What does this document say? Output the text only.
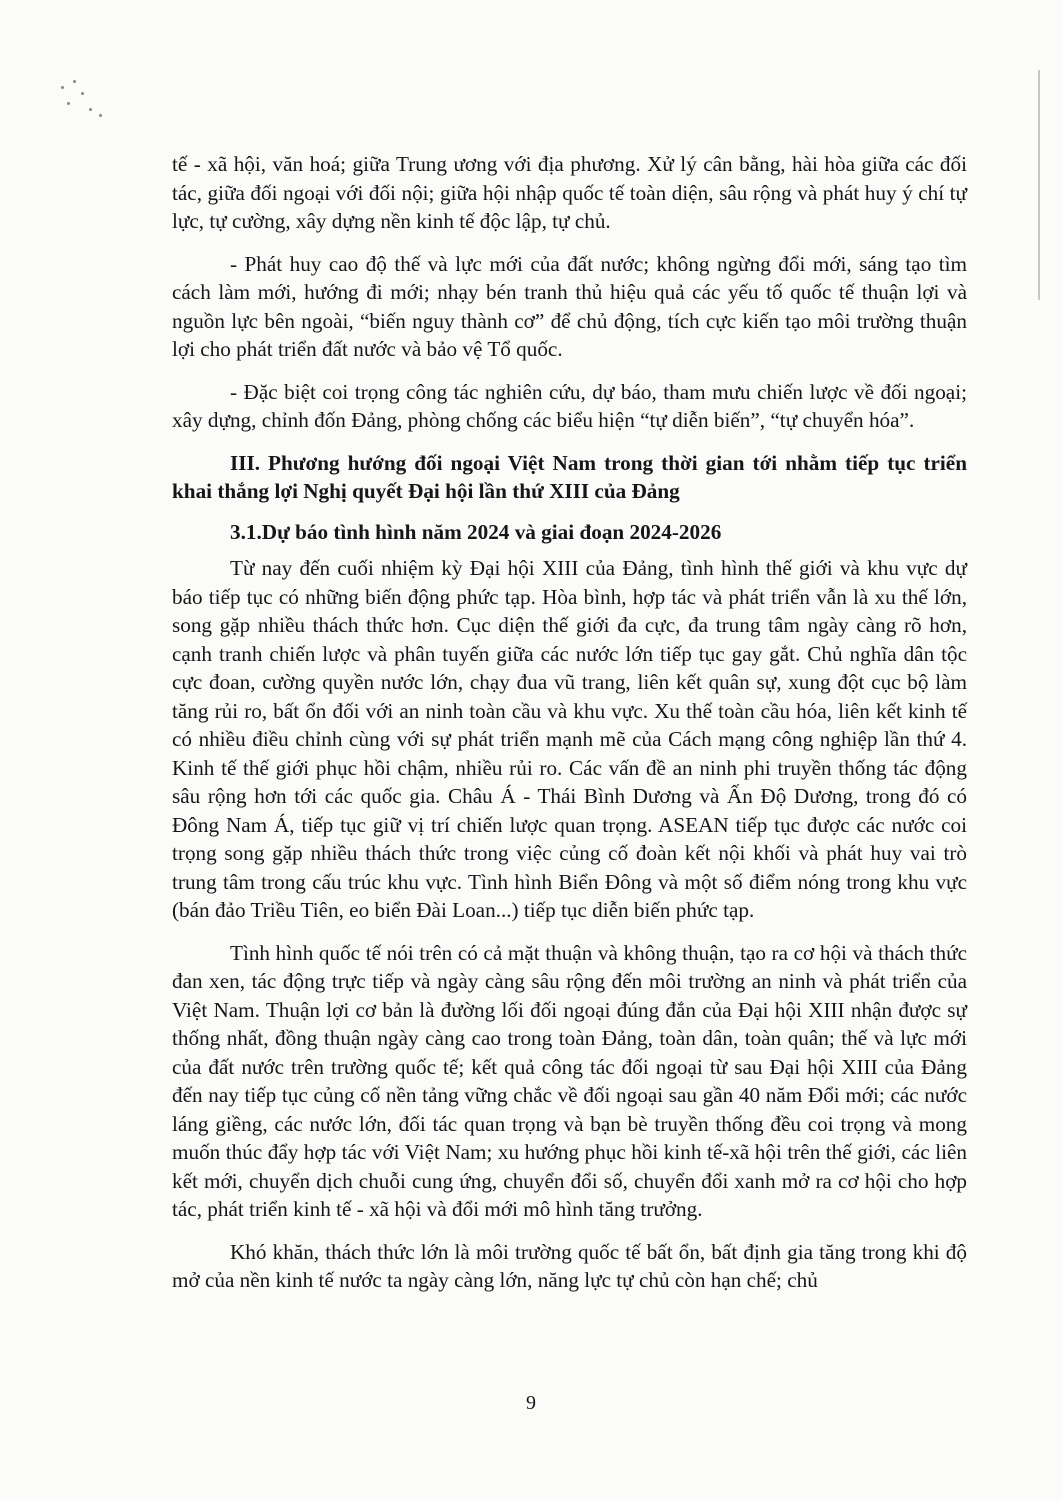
tế - xã hội, văn hoá; giữa Trung ương với địa phương. Xử lý cân bằng, hài hòa giữa các đối tác, giữa đối ngoại với đối nội; giữa hội nhập quốc tế toàn diện, sâu rộng và phát huy ý chí tự lực, tự cường, xây dựng nền kinh tế độc lập, tự chủ.

- Phát huy cao độ thế và lực mới của đất nước; không ngừng đổi mới, sáng tạo tìm cách làm mới, hướng đi mới; nhạy bén tranh thủ hiệu quả các yếu tố quốc tế thuận lợi và nguồn lực bên ngoài, “biến nguy thành cơ” để chủ động, tích cực kiến tạo môi trường thuận lợi cho phát triển đất nước và bảo vệ Tổ quốc.

- Đặc biệt coi trọng công tác nghiên cứu, dự báo, tham mưu chiến lược về đối ngoại; xây dựng, chỉnh đốn Đảng, phòng chống các biểu hiện “tự diễn biến”, “tự chuyển hóa”.

III. Phương hướng đối ngoại Việt Nam trong thời gian tới nhằm tiếp tục triển khai thắng lợi Nghị quyết Đại hội lần thứ XIII của Đảng
3.1.Dự báo tình hình năm 2024 và giai đoạn 2024-2026

Từ nay đến cuối nhiệm kỳ Đại hội XIII của Đảng, tình hình thế giới và khu vực dự báo tiếp tục có những biến động phức tạp. Hòa bình, hợp tác và phát triển vẫn là xu thế lớn, song gặp nhiều thách thức hơn. Cục diện thế giới đa cực, đa trung tâm ngày càng rõ hơn, cạnh tranh chiến lược và phân tuyến giữa các nước lớn tiếp tục gay gắt. Chủ nghĩa dân tộc cực đoan, cường quyền nước lớn, chạy đua vũ trang, liên kết quân sự, xung đột cục bộ làm tăng rủi ro, bất ổn đối với an ninh toàn cầu và khu vực. Xu thế toàn cầu hóa, liên kết kinh tế có nhiều điều chỉnh cùng với sự phát triển mạnh mẽ của Cách mạng công nghiệp lần thứ 4. Kinh tế thế giới phục hồi chậm, nhiều rủi ro. Các vấn đề an ninh phi truyền thống tác động sâu rộng hơn tới các quốc gia. Châu Á - Thái Bình Dương và Ấn Độ Dương, trong đó có Đông Nam Á, tiếp tục giữ vị trí chiến lược quan trọng. ASEAN tiếp tục được các nước coi trọng song gặp nhiều thách thức trong việc củng cố đoàn kết nội khối và phát huy vai trò trung tâm trong cấu trúc khu vực. Tình hình Biển Đông và một số điểm nóng trong khu vực (bán đảo Triều Tiên, eo biển Đài Loan...) tiếp tục diễn biến phức tạp.

Tình hình quốc tế nói trên có cả mặt thuận và không thuận, tạo ra cơ hội và thách thức đan xen, tác động trực tiếp và ngày càng sâu rộng đến môi trường an ninh và phát triển của Việt Nam. Thuận lợi cơ bản là đường lối đối ngoại đúng đắn của Đại hội XIII nhận được sự thống nhất, đồng thuận ngày càng cao trong toàn Đảng, toàn dân, toàn quân; thế và lực mới của đất nước trên trường quốc tế; kết quả công tác đối ngoại từ sau Đại hội XIII của Đảng đến nay tiếp tục củng cố nền tảng vững chắc về đối ngoại sau gần 40 năm Đổi mới; các nước láng giềng, các nước lớn, đối tác quan trọng và bạn bè truyền thống đều coi trọng và mong muốn thúc đẩy hợp tác với Việt Nam; xu hướng phục hồi kinh tế-xã hội trên thế giới, các liên kết mới, chuyển dịch chuỗi cung ứng, chuyển đổi số, chuyển đổi xanh mở ra cơ hội cho hợp tác, phát triển kinh tế - xã hội và đổi mới mô hình tăng trưởng.

Khó khăn, thách thức lớn là môi trường quốc tế bất ổn, bất định gia tăng trong khi độ mở của nền kinh tế nước ta ngày càng lớn, năng lực tự chủ còn hạn chế; chủ

9
